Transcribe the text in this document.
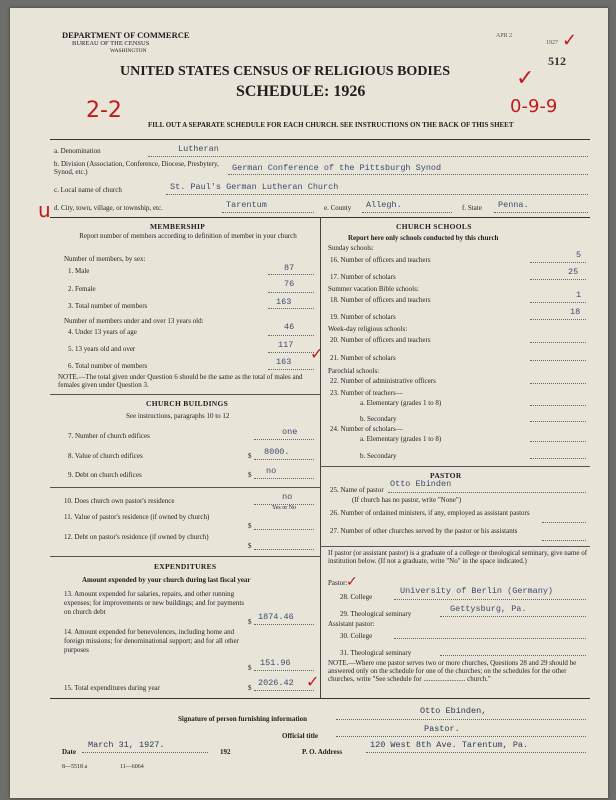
DEPARTMENT OF COMMERCE
BUREAU OF THE CENSUS
WASHINGTON
APR 2
1927
512
✓
UNITED STATES CENSUS OF RELIGIOUS BODIES
SCHEDULE: 1926
2-2	0-9-9
✓
FILL OUT A SEPARATE SCHEDULE FOR EACH CHURCH. SEE INSTRUCTIONS ON THE BACK OF THIS SHEET
a. Denomination	Lutheran
b. Division (Association, Conference, Diocese, Presbytery, Synod, etc.)	German Conference of the Pittsburgh Synod
c. Local name of church	St. Paul's German Lutheran Church
u d. City, town, village, or township, etc.	Tarentum	e. County Allegh.	f. State Penna.
MEMBERSHIP
Report number of members according to definition of member in your church
Number of members, by sex:
1. Male	87
2. Female	76
3. Total number of members	163
Number of members under and over 13 years old:
4. Under 13 years of age	46
5. 13 years old and over	117
6. Total number of members	163 ✓
NOTE.—The total given under Question 6 should be the same as the total of males and females given under Question 3.
CHURCH BUILDINGS
See instructions, paragraphs 10 to 12
7. Number of church edifices	one
8. Value of church edifices	$ 8000.
9. Debt on church edifices	$ no
10. Does church own pastor's residence	no
Yes or No
11. Value of pastor's residence (if owned by church)
$
12. Debt on pastor's residence (if owned by church)
$
EXPENDITURES
Amount expended by your church during last fiscal year
13. Amount expended for salaries, repairs, and other running expenses; for improvements or new buildings; and for payments on church debt
$ 1874.46
14. Amount expended for benevolences, including home and foreign missions; for denominational support; and for all other purposes
$ 151.96
15. Total expenditures during year	$ 2026.42 ✓
CHURCH SCHOOLS
Report here only schools conducted by this church
Sunday schools:
16. Number of officers and teachers	5
17. Number of scholars	25
Summer vacation Bible schools:
18. Number of officers and teachers	1
19. Number of scholars	18
Week-day religious schools:
20. Number of officers and teachers
21. Number of scholars
Parochial schools:
22. Number of administrative officers
23. Number of teachers—
a. Elementary (grades 1 to 8)
b. Secondary
24. Number of scholars—
a. Elementary (grades 1 to 8)
b. Secondary
PASTOR
25. Name of pastor
Otto Ebinden
(If church has no pastor, write "None")
26. Number of ordained ministers, if any, employed as assistant pastors
27. Number of other churches served by the pastor or his assistants
If pastor (or assistant pastor) is a graduate of a college or theological seminary, give name of institution below. (If not a graduate, write "No" in the space indicated.)
Pastor:
✓
28. College
University of Berlin (Germany)
29. Theological seminary	Gettysburg, Pa.
Assistant pastor:
30. College
31. Theological seminary
NOTE.—Where one pastor serves two or more churches, Questions 28 and 29 should be answered only on the schedule for one of the churches; on the schedules for the other churches, write "See schedule for ........................ church."
Signature of person furnishing information
Otto Ebinden,
Official title
Pastor.
Date
March 31, 1927.
192	P. O. Address
120 West 8th Ave. Tarentum, Pa.
8—5518 a	11—6064
